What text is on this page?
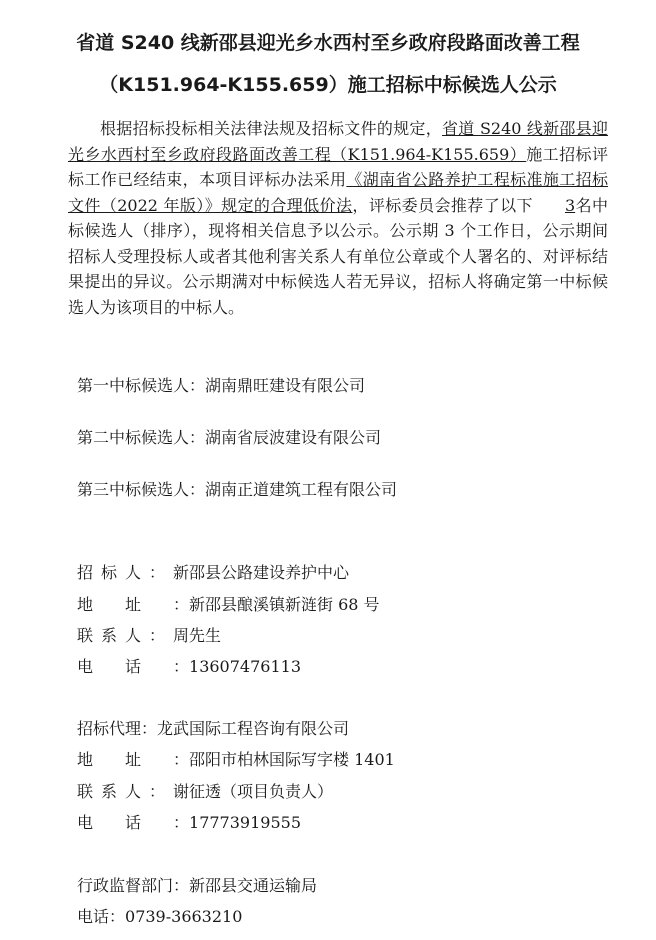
省道 S240 线新邵县迎光乡水西村至乡政府段路面改善工程
（K151.964-K155.659）施工招标中标候选人公示
根据招标投标相关法律法规及招标文件的规定，省道 S240 线新邵县迎光乡水西村至乡政府段路面改善工程（K151.964-K155.659）施工招标评标工作已经结束，本项目评标办法采用《湖南省公路养护工程标准施工招标文件（2022 年版）》规定的合理低价法，评标委员会推荐了以下 3名中标候选人（排序），现将相关信息予以公示。公示期 3 个工作日，公示期间招标人受理投标人或者其他利害关系人有单位公章或个人署名的、对评标结果提出的异议。公示期满对中标候选人若无异议，招标人将确定第一中标候选人为该项目的中标人。
第一中标候选人：湖南鼎旺建设有限公司
第二中标候选人：湖南省辰波建设有限公司
第三中标候选人：湖南正道建筑工程有限公司
招标人：新邵县公路建设养护中心
地址：新邵县酿溪镇新涟街 68 号
联系人：周先生
电话：13607476113
招标代理：龙武国际工程咨询有限公司
地址：邵阳市柏林国际写字楼 1401
联系人：谢征透（项目负责人）
电话：17773919555
行政监督部门：新邵县交通运输局
电话：0739-3663210
